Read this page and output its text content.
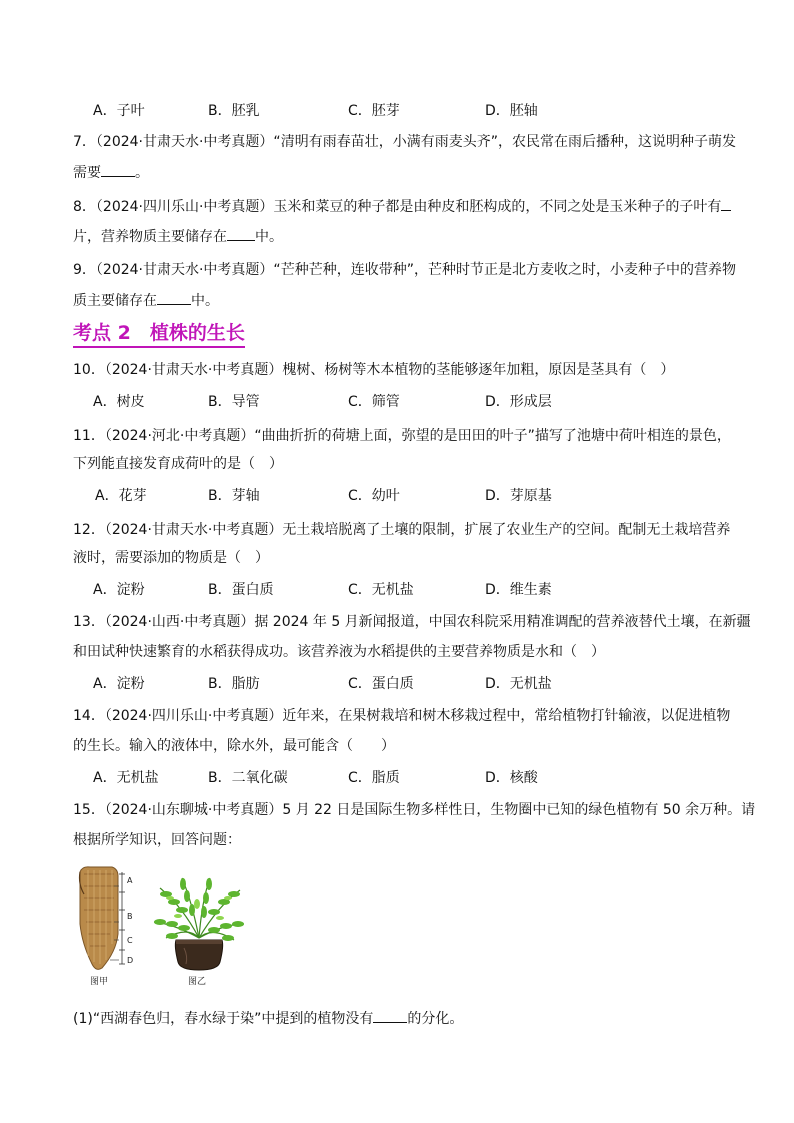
A．子叶	B．胚乳	C．胚芽	D．胚轴
7．（2024·甘肃天水·中考真题）“清明有雨春苗壮，小满有雨麦头齐”，农民常在雨后播种，这说明种子萌发
需要 。
8．（2024·四川乐山·中考真题）玉米和菜豆的种子都是由种皮和胚构成的，不同之处是玉米种子的子叶有
片，营养物质主要储存在 中。
9．（2024·甘肃天水·中考真题）“芒种芒种，连收带种”，芒种时节正是北方麦收之时，小麦种子中的营养物
质主要储存在 中。
考点 2　植株的生长
10．（2024·甘肃天水·中考真题）槐树、杨树等木本植物的茎能够逐年加粗，原因是茎具有（　）
A．树皮	B．导管	C．筛管	D．形成层
11．（2024·河北·中考真题）“曲曲折折的荷塘上面，弥望的是田田的叶子”描写了池塘中荷叶相连的景色，
下列能直接发育成荷叶的是（　）
A．花芽	B．芽轴	C．幼叶	D．芽原基
12．（2024·甘肃天水·中考真题）无土栽培脱离了土壤的限制，扩展了农业生产的空间。配制无土栽培营养
液时，需要添加的物质是（　）
A．淀粉	B．蛋白质	C．无机盐	D．维生素
13．（2024·山西·中考真题）据 2024 年 5 月新闻报道，中国农科院采用精准调配的营养液替代土壤，在新疆
和田试种快速繁育的水稻获得成功。该营养液为水稻提供的主要营养物质是水和（　）
A．淀粉	B．脂肪	C．蛋白质	D．无机盐
14．（2024·四川乐山·中考真题）近年来，在果树栽培和树木移栽过程中，常给植物打针输液，以促进植物
的生长。输入的液体中，除水外，最可能含（　　）
A．无机盐	B．二氧化碳	C．脂质	D．核酸
15．（2024·山东聊城·中考真题）5 月 22 日是国际生物多样性日，生物圈中已知的绿色植物有 50 余万种。请
根据所学知识，回答问题：
A
B
C
D
图甲	图乙
(1)“西湖春色归，春水绿于染”中提到的植物没有 的分化。
